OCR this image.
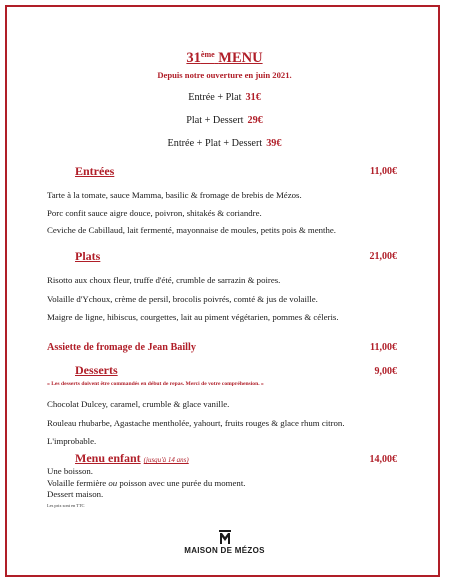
31ème MENU
Depuis notre ouverture en juin 2021.
Entrée + Plat 31€
Plat + Dessert 29€
Entrée + Plat + Dessert 39€
Entrées	11,00€
Tarte à la tomate, sauce Mamma, basilic & fromage de brebis de Mézos.
Porc confit sauce aigre douce, poivron, shitakés & coriandre.
Ceviche de Cabillaud, lait fermenté, mayonnaise de moules, petits pois & menthe.
Plats	21,00€
Risotto aux choux fleur, truffe d'été, crumble de sarrazin & poires.
Volaille d'Ychoux, crème de persil, brocolis poivrés, comté & jus de volaille.
Maigre de ligne, hibiscus, courgettes, lait au piment végétarien, pommes & céleris.
Assiette de fromage de Jean Bailly	11,00€
Desserts	9,00€
« Les desserts doivent être commandés en début de repas. Merci de votre compréhension. »
Chocolat Dulcey, caramel, crumble & glace vanille.
Rouleau rhubarbe, Agastache mentholée, yahourt, fruits rouges & glace rhum citron.
L'improbable.
Menu enfant (jusqu'à 14 ans)	14,00€
Une boisson.
Volaille fermière ou poisson avec une purée du moment.
Dessert maison.
Les prix sont en TTC
MAISON DE MÉZOS
